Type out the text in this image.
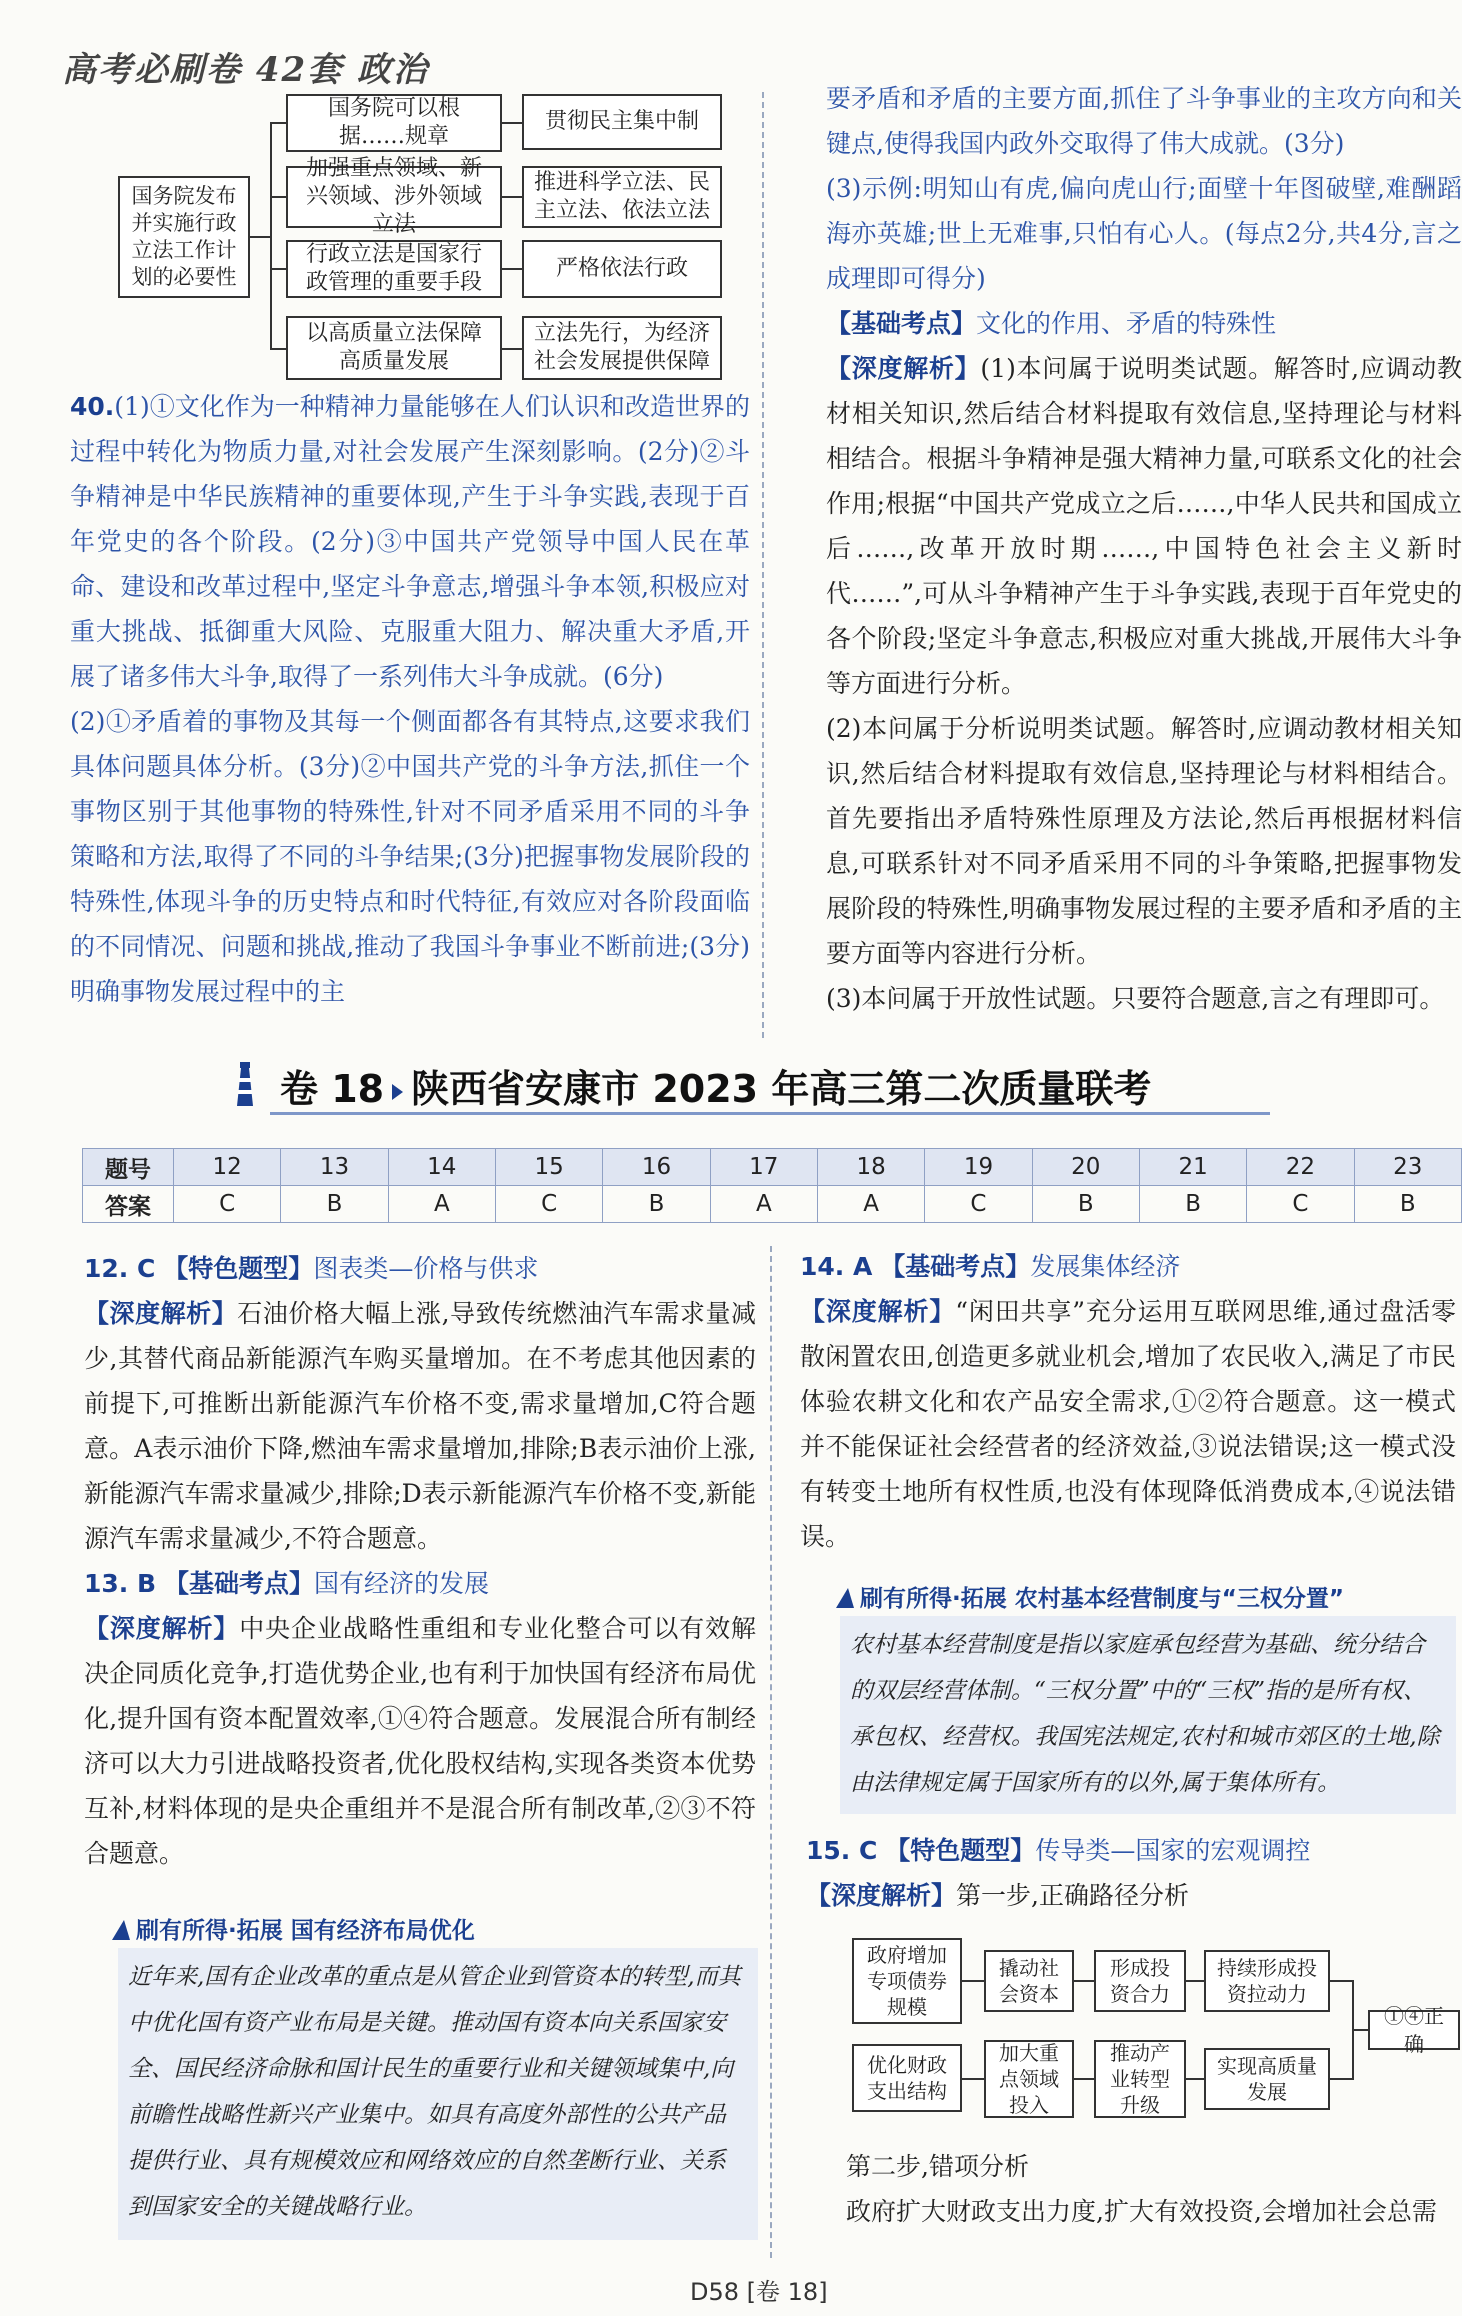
高考必刷卷 42套 政治
国务院发布并实施行政立法工作计划的必要性
国务院可以根据……规章
加强重点领域、新兴领域、涉外领域立法
行政立法是国家行政管理的重要手段
以高质量立法保障高质量发展
贯彻民主集中制
推进科学立法、民主立法、依法立法
严格依法行政
立法先行，为经济社会发展提供保障

40.(1)①文化作为一种精神力量能够在人们认识和改造世界的过程中转化为物质力量,对社会发展产生深刻影响。(2分)②斗争精神是中华民族精神的重要体现,产生于斗争实践,表现于百年党史的各个阶段。(2分)③中国共产党领导中国人民在革命、建设和改革过程中,坚定斗争意志,增强斗争本领,积极应对重大挑战、抵御重大风险、克服重大阻力、解决重大矛盾,开展了诸多伟大斗争,取得了一系列伟大斗争成就。(6分)

(2)①矛盾着的事物及其每一个侧面都各有其特点,这要求我们具体问题具体分析。(3分)②中国共产党的斗争方法,抓住一个事物区别于其他事物的特殊性,针对不同矛盾采用不同的斗争策略和方法,取得了不同的斗争结果;(3分)把握事物发展阶段的特殊性,体现斗争的历史特点和时代特征,有效应对各阶段面临的不同情况、问题和挑战,推动了我国斗争事业不断前进;(3分)明确事物发展过程中的主

要矛盾和矛盾的主要方面,抓住了斗争事业的主攻方向和关键点,使得我国内政外交取得了伟大成就。(3分)

(3)示例:明知山有虎,偏向虎山行;面壁十年图破壁,难酬蹈海亦英雄;世上无难事,只怕有心人。(每点2分,共4分,言之成理即可得分)

【基础考点】文化的作用、矛盾的特殊性

【深度解析】(1)本问属于说明类试题。解答时,应调动教材相关知识,然后结合材料提取有效信息,坚持理论与材料相结合。根据斗争精神是强大精神力量,可联系文化的社会作用;根据“中国共产党成立之后……,中华人民共和国成立后……,改革开放时期……,中国特色社会主义新时代……”,可从斗争精神产生于斗争实践,表现于百年党史的各个阶段;坚定斗争意志,积极应对重大挑战,开展伟大斗争等方面进行分析。

(2)本问属于分析说明类试题。解答时,应调动教材相关知识,然后结合材料提取有效信息,坚持理论与材料相结合。首先要指出矛盾特殊性原理及方法论,然后再根据材料信息,可联系针对不同矛盾采用不同的斗争策略,把握事物发展阶段的特殊性,明确事物发展过程的主要矛盾和矛盾的主要方面等内容进行分析。

(3)本问属于开放性试题。只要符合题意,言之有理即可。

卷 18 陕西省安康市 2023 年高三第二次质量联考
题号	12	13	14	15	16	17	18	19	20	21	22	23
答案	C	B	A	C	B	A	A	C	B	B	C	B

12. C 【特色题型】图表类—价格与供求

【深度解析】石油价格大幅上涨,导致传统燃油汽车需求量减少,其替代商品新能源汽车购买量增加。在不考虑其他因素的前提下,可推断出新能源汽车价格不变,需求量增加,C符合题意。A表示油价下降,燃油车需求量增加,排除;B表示油价上涨,新能源汽车需求量减少,排除;D表示新能源汽车价格不变,新能源汽车需求量减少,不符合题意。

13. B 【基础考点】国有经济的发展

【深度解析】中央企业战略性重组和专业化整合可以有效解决企同质化竞争,打造优势企业,也有利于加快国有经济布局优化,提升国有资本配置效率,①④符合题意。发展混合所有制经济可以大力引进战略投资者,优化股权结构,实现各类资本优势互补,材料体现的是央企重组并不是混合所有制改革,②③不符合题意。

刷有所得·拓展 国有经济布局优化
近年来,国有企业改革的重点是从管企业到管资本的转型,而其中优化国有资产业布局是关键。推动国有资本向关系国家安全、国民经济命脉和国计民生的重要行业和关键领域集中,向前瞻性战略性新兴产业集中。如具有高度外部性的公共产品提供行业、具有规模效应和网络效应的自然垄断行业、关系到国家安全的关键战略行业。

14. A 【基础考点】发展集体经济

【深度解析】“闲田共享”充分运用互联网思维,通过盘活零散闲置农田,创造更多就业机会,增加了农民收入,满足了市民体验农耕文化和农产品安全需求,①②符合题意。这一模式并不能保证社会经营者的经济效益,③说法错误;这一模式没有转变土地所有权性质,也没有体现降低消费成本,④说法错误。

刷有所得·拓展 农村基本经营制度与“三权分置”
农村基本经营制度是指以家庭承包经营为基础、统分结合的双层经营体制。“三权分置”中的“三权”指的是所有权、承包权、经营权。我国宪法规定,农村和城市郊区的土地,除由法律规定属于国家所有的以外,属于集体所有。

15. C 【特色题型】传导类—国家的宏观调控

【深度解析】第一步,正确路径分析

政府增加专项债券规模
撬动社会资本
形成投资合力
持续形成投资拉动力
优化财政支出结构
加大重点领域投入
推动产业转型升级
实现高质量发展
①④正确

第二步,错项分析

政府扩大财政支出力度,扩大有效投资,会增加社会总需

D58 [卷 18]
